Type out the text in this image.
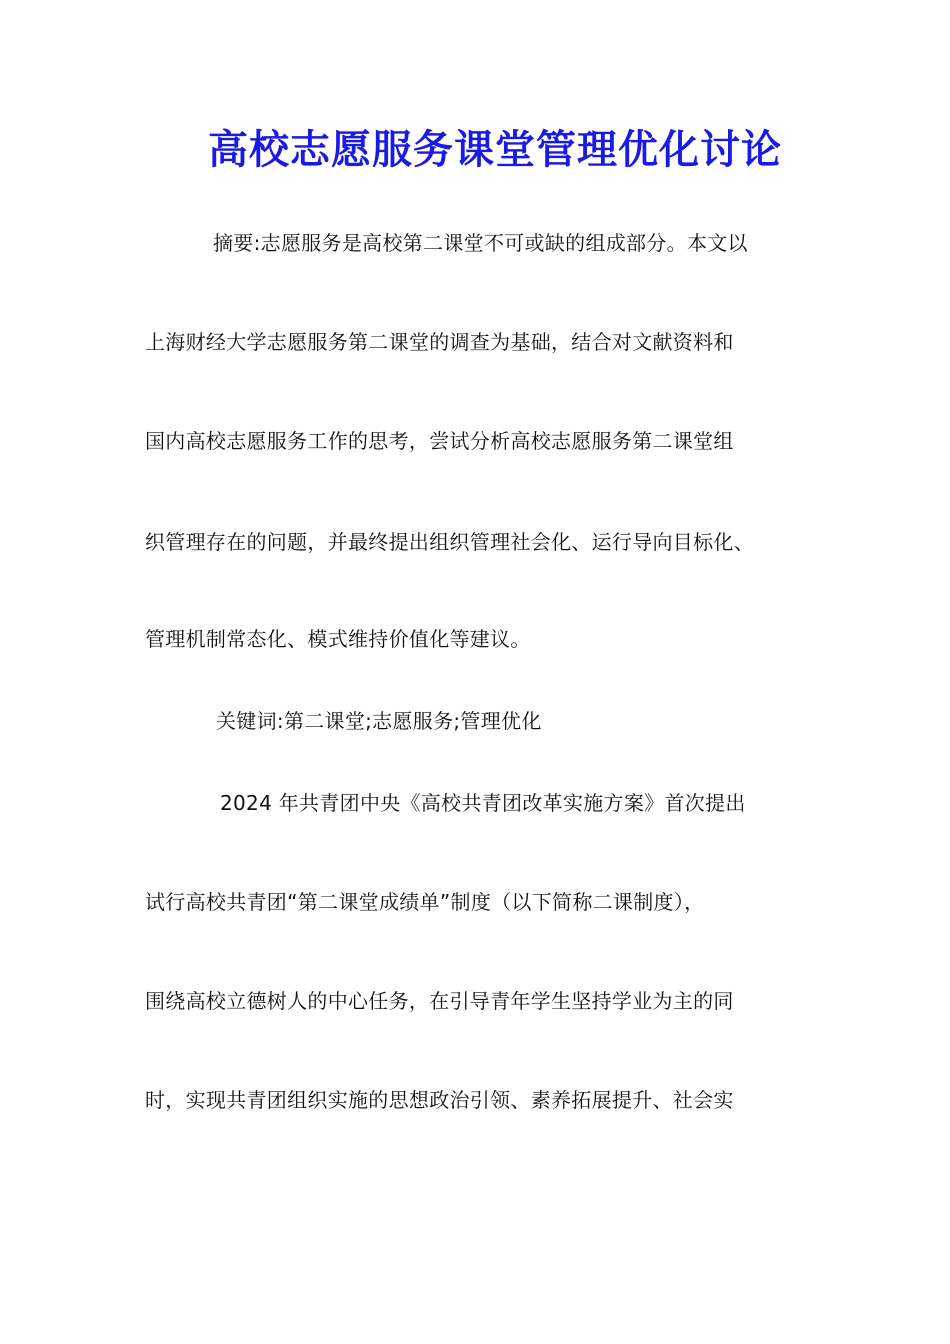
高校志愿服务课堂管理优化讨论
摘要:志愿服务是高校第二课堂不可或缺的组成部分。本文以
上海财经大学志愿服务第二课堂的调查为基础，结合对文献资料和
国内高校志愿服务工作的思考，尝试分析高校志愿服务第二课堂组
织管理存在的问题，并最终提出组织管理社会化、运行导向目标化、
管理机制常态化、模式维持价值化等建议。
关键词:第二课堂;志愿服务;管理优化
2024 年共青团中央《高校共青团改革实施方案》首次提出
试行高校共青团“第二课堂成绩单”制度（以下简称二课制度），
围绕高校立德树人的中心任务，在引导青年学生坚持学业为主的同
时，实现共青团组织实施的思想政治引领、素养拓展提升、社会实
